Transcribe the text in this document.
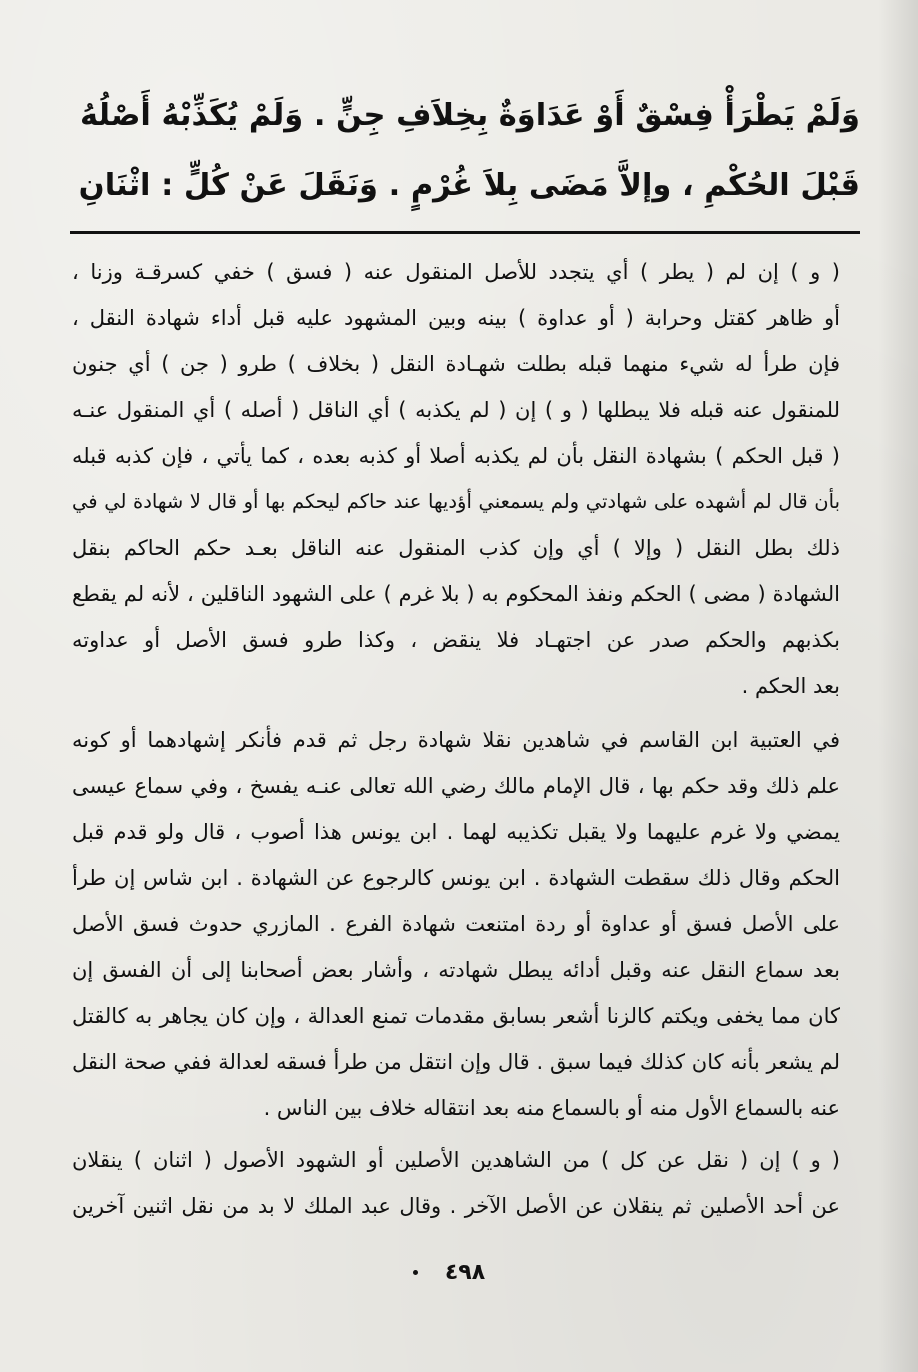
وَلَمْ يَطْرَأْ فِسْقٌ أَوْ عَدَاوَةٌ بِخِلاَفِ جِنٍّ . وَلَمْ يُكَذِّبْهُ أَصْلُهُ
قَبْلَ الحُكْمِ ، وإلاَّ مَضَى بِلاَ غُرْمٍ . وَنَقَلَ عَنْ كُلٍّ : اثْنَانِ
( و ) إن لم ( يطر ) أي يتجدد للأصل المنقول عنه ( فسق ) خفي كسرقـة وزنا ،
أو ظاهر كقتل وحرابة ( أو عداوة ) بينه وبين المشهود عليه قبل أداء شهادة النقل ،
فإن طرأ له شيء منهما قبله بطلت شهـادة النقل ( بخلاف ) طرو ( جن ) أي جنون
للمنقول عنه قبله فلا يبطلها ( و ) إن ( لم يكذبه ) أي الناقل ( أصله ) أي المنقول عنـه
( قبل الحكم ) بشهادة النقل بأن لم يكذبه أصلا أو كذبه بعده ، كما يأتي ، فإن كذبه قبله
بأن قال لم أشهده على شهادتي ولم يسمعني أؤديها عند حاكم ليحكم بها أو قال لا شهادة لي في
ذلك بطل النقل ( وإلا ) أي وإن كذب المنقول عنه الناقل بعـد حكم الحاكم بنقل
الشهادة ( مضى ) الحكم ونفذ المحكوم به ( بلا غرم ) على الشهود الناقلين ، لأنه لم يقطع
بكذبهم والحكم صدر عن اجتهـاد فلا ينقض ، وكذا طرو فسق الأصل أو عداوته
بعد الحكم .
في العتبية ابن القاسم في شاهدين نقلا شهادة رجل ثم قدم فأنكر إشهادهما أو كونه
علم ذلك وقد حكم بها ، قال الإمام مالك رضي الله تعالى عنـه يفسخ ، وفي سماع عيسى
يمضي ولا غرم عليهما ولا يقبل تكذيبه لهما . ابن يونس هذا أصوب ، قال ولو قدم قبل
الحكم وقال ذلك سقطت الشهادة . ابن يونس كالرجوع عن الشهادة . ابن شاس إن طرأ
على الأصل فسق أو عداوة أو ردة امتنعت شهادة الفرع . المازري حدوث فسق الأصل
بعد سماع النقل عنه وقبل أدائه يبطل شهادته ، وأشار بعض أصحابنا إلى أن الفسق إن
كان مما يخفى ويكتم كالزنا أشعر بسابق مقدمات تمنع العدالة ، وإن كان يجاهر به كالقتل
لم يشعر بأنه كان كذلك فيما سبق . قال وإن انتقل من طرأ فسقه لعدالة ففي صحة النقل
عنه بالسماع الأول منه أو بالسماع منه بعد انتقاله خلاف بين الناس .
( و ) إن ( نقل عن كل ) من الشاهدين الأصلين أو الشهود الأصول ( اثنان ) ينقلان
عن أحد الأصلين ثم ينقلان عن الأصل الآخر . وقال عبد الملك لا بد من نقل اثنين آخرين
٤٩٨
